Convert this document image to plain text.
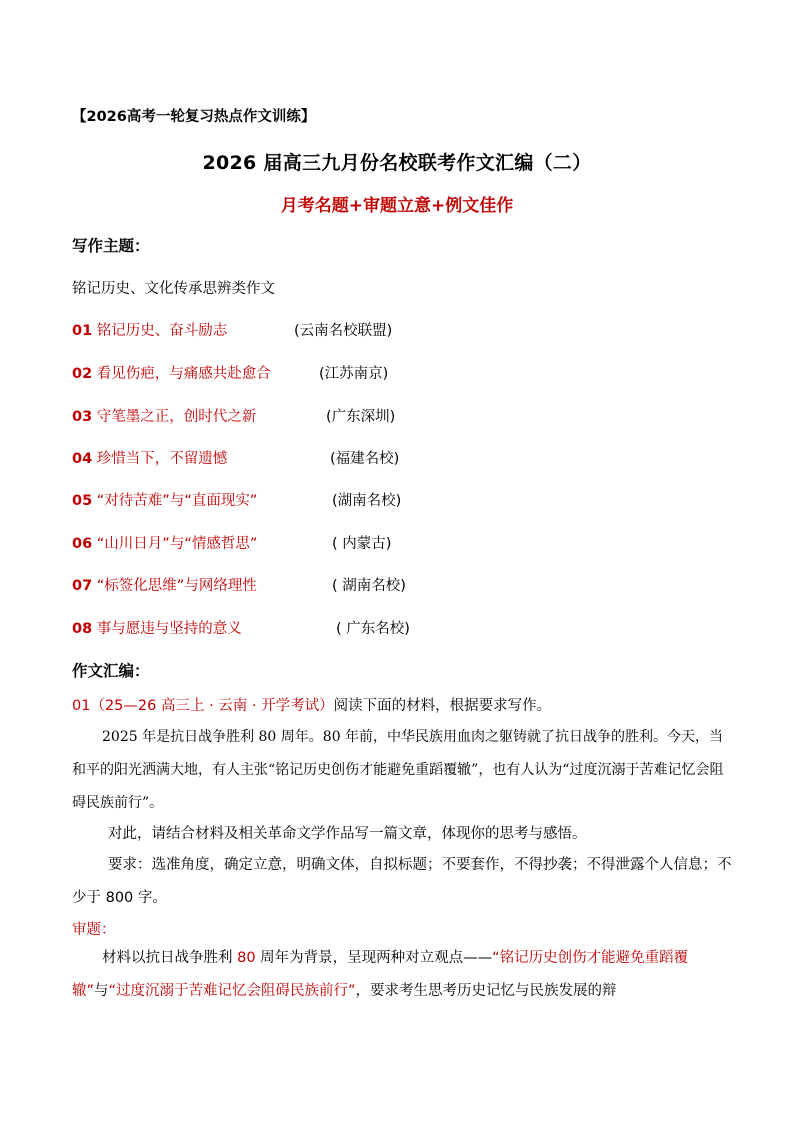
【2026高考一轮复习热点作文训练】
2026 届高三九月份名校联考作文汇编（二）
月考名题+审题立意+例文佳作
写作主题：
铭记历史、文化传承思辨类作文
01 铭记历史、奋斗励志	(云南名校联盟)
02 看见伤疤，与痛感共赴愈合	(江苏南京)
03 守笔墨之正，创时代之新	(广东深圳)
04 珍惜当下，不留遗憾	(福建名校)
05 “对待苦难”与“直面现实”	(湖南名校)
06 “山川日月”与“情感哲思”	( 内蒙古)
07 “标签化思维”与网络理性	( 湖南名校)
08 事与愿违与坚持的意义	( 广东名校)
作文汇编：
01（25—26 高三上 · 云南 · 开学考试）阅读下面的材料，根据要求写作。
2025 年是抗日战争胜利 80 周年。80 年前，中华民族用血肉之躯铸就了抗日战争的胜利。今天，当和平的阳光洒满大地，有人主张“铭记历史创伤才能避免重蹈覆辙”，也有人认为“过度沉溺于苦难记忆会阻碍民族前行”。
对此，请结合材料及相关革命文学作品写一篇文章，体现你的思考与感悟。
要求：选准角度，确定立意，明确文体，自拟标题；不要套作，不得抄袭；不得泄露个人信息；不少于 800 字。
审题：
材料以抗日战争胜利 80 周年为背景，呈现两种对立观点——“铭记历史创伤才能避免重蹈覆辙”与“过度沉溺于苦难记忆会阻碍民族前行”，要求考生思考历史记忆与民族发展的辩
